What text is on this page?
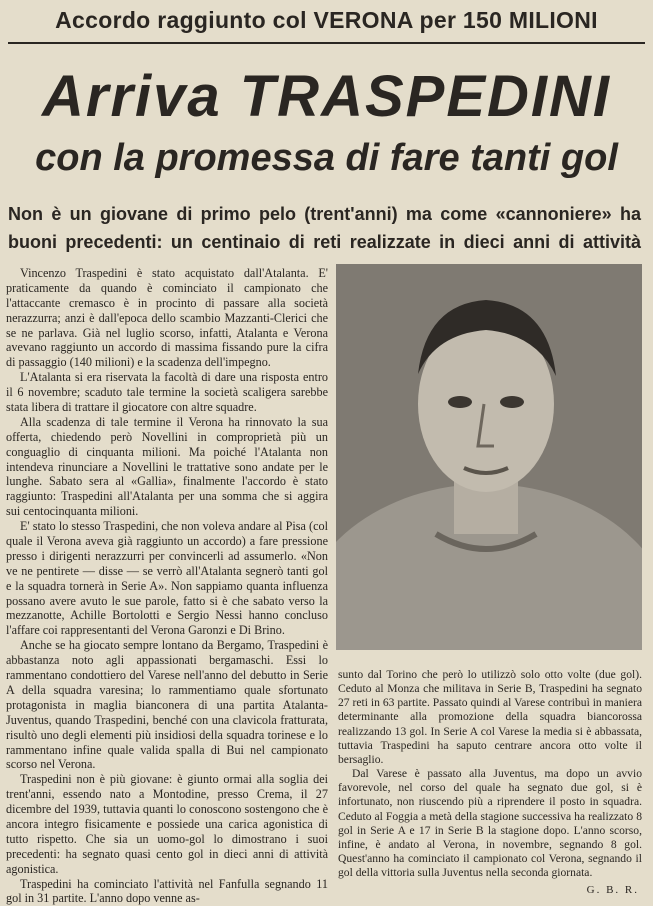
Accordo raggiunto col VERONA per 150 MILIONI
Arriva TRASPEDINI
con la promessa di fare tanti gol
Non è un giovane di primo pelo (trent'anni) ma come «cannoniere» ha buoni precedenti: un centinaio di reti realizzate in dieci anni di attività

Vincenzo Traspedini è stato acquistato dall'Atalanta. E' praticamente da quando è cominciato il campionato che l'attaccante cremasco è in procinto di passare alla società nerazzurra; anzi è dall'epoca dello scambio Mazzanti-Clerici che se ne parlava. Già nel luglio scorso, infatti, Atalanta e Verona avevano raggiunto un accordo di massima fissando pure la cifra di passaggio (140 milioni) e la scadenza dell'impegno.

L'Atalanta si era riservata la facoltà di dare una risposta entro il 6 novembre; scaduto tale termine la società scaligera sarebbe stata libera di trattare il giocatore con altre squadre.

Alla scadenza di tale termine il Verona ha rinnovato la sua offerta, chiedendo però Novellini in comproprietà più un conguaglio di cinquanta milioni. Ma poiché l'Atalanta non intendeva rinunciare a Novellini le trattative sono andate per le lunghe. Sabato sera al «Gallia», finalmente l'accordo è stato raggiunto: Traspedini all'Atalanta per una somma che si aggira sui centocinquanta milioni.

E' stato lo stesso Traspedini, che non voleva andare al Pisa (col quale il Verona aveva già raggiunto un accordo) a fare pressione presso i dirigenti nerazzurri per convincerli ad assumerlo. «Non ve ne pentirete — disse — se verrò all'Atalanta segnerò tanti gol e la squadra tornerà in Serie A». Non sappiamo quanta influenza possano avere avuto le sue parole, fatto si è che sabato verso la mezzanotte, Achille Bortolotti e Sergio Nessi hanno concluso l'affare coi rappresentanti del Verona Garonzi e Di Brino.

Anche se ha giocato sempre lontano da Bergamo, Traspedini è abbastanza noto agli appassionati bergamaschi. Essi lo rammentano condottiero del Varese nell'anno del debutto in Serie A della squadra varesina; lo rammentiamo quale sfortunato protagonista in maglia bianconera di una partita Atalanta-Juventus, quando Traspedini, benché con una clavicola fratturata, risultò uno degli elementi più insidiosi della squadra torinese e lo rammentano infine quale valida spalla di Bui nel campionato scorso nel Verona.

Traspedini non è più giovane: è giunto ormai alla soglia dei trent'anni, essendo nato a Montodine, presso Crema, il 27 dicembre del 1939, tuttavia quanti lo conoscono sostengono che è ancora integro fisicamente e possiede una carica agonistica di tutto rispetto. Che sia un uomo-gol lo dimostrano i suoi precedenti: ha segnato quasi cento gol in dieci anni di attività agonistica.

Traspedini ha cominciato l'attività nel Fanfulla segnando 11 gol in 31 partite. L'anno dopo venne as-

sunto dal Torino che però lo utilizzò solo otto volte (due gol). Ceduto al Monza che militava in Serie B, Traspedini ha segnato 27 reti in 63 partite. Passato quindi al Varese contribuì in maniera determinante alla promozione della squadra biancorossa realizzando 13 gol. In Serie A col Varese la media si è abbassata, tuttavia Traspedini ha saputo centrare ancora otto volte il bersaglio.

Dal Varese è passato alla Juventus, ma dopo un avvio favorevole, nel corso del quale ha segnato due gol, si è infortunato, non riuscendo più a riprendere il posto in squadra. Ceduto al Foggia a metà della stagione successiva ha realizzato 8 gol in Serie A e 17 in Serie B la stagione dopo. L'anno scorso, infine, è andato al Verona, in novembre, segnando 8 gol. Quest'anno ha cominciato il campionato col Verona, segnando il gol della vittoria sulla Juventus nella seconda giornata.

G. B. R.
